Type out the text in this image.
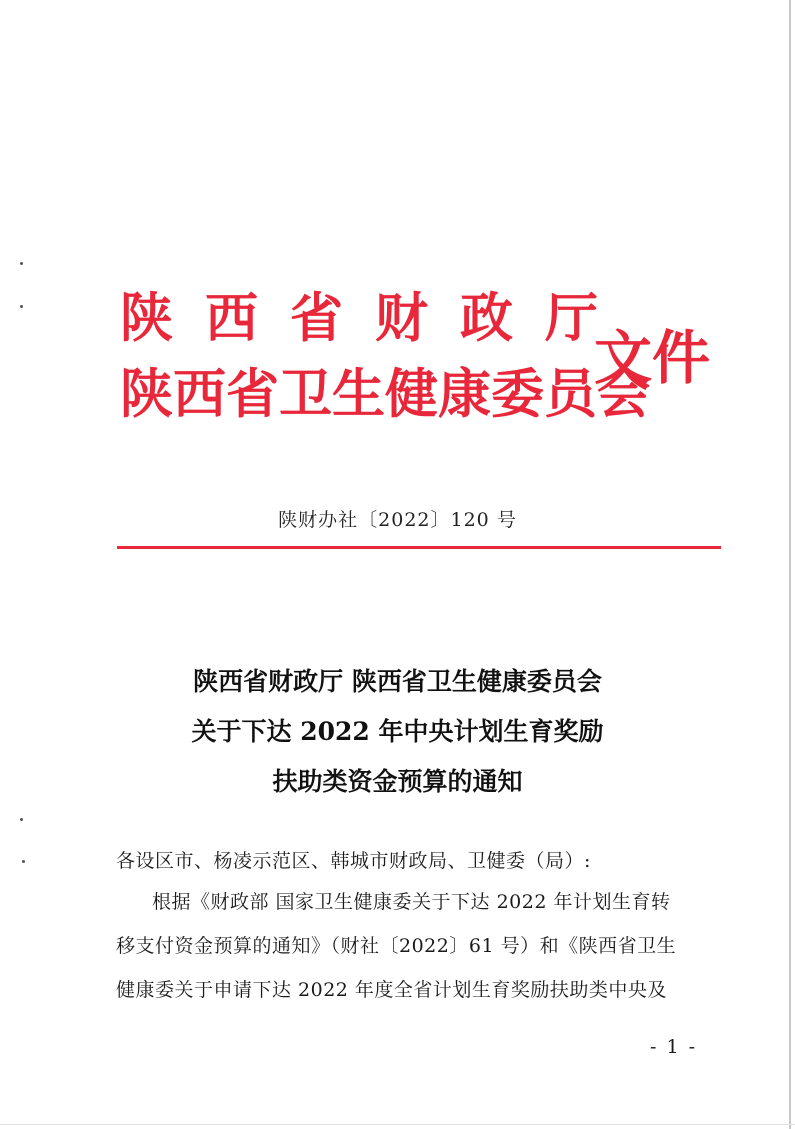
陕西省财政厅
陕西省卫生健康委员会
文件
陕财办社〔2022〕120 号
陕西省财政厅 陕西省卫生健康委员会
关于下达 2022 年中央计划生育奖励
扶助类资金预算的通知
各设区市、杨凌示范区、韩城市财政局、卫健委（局）:
根据《财政部 国家卫生健康委关于下达 2022 年计划生育转
移支付资金预算的通知》（财社〔2022〕61 号）和《陕西省卫生
健康委关于申请下达 2022 年度全省计划生育奖励扶助类中央及
- 1 -
